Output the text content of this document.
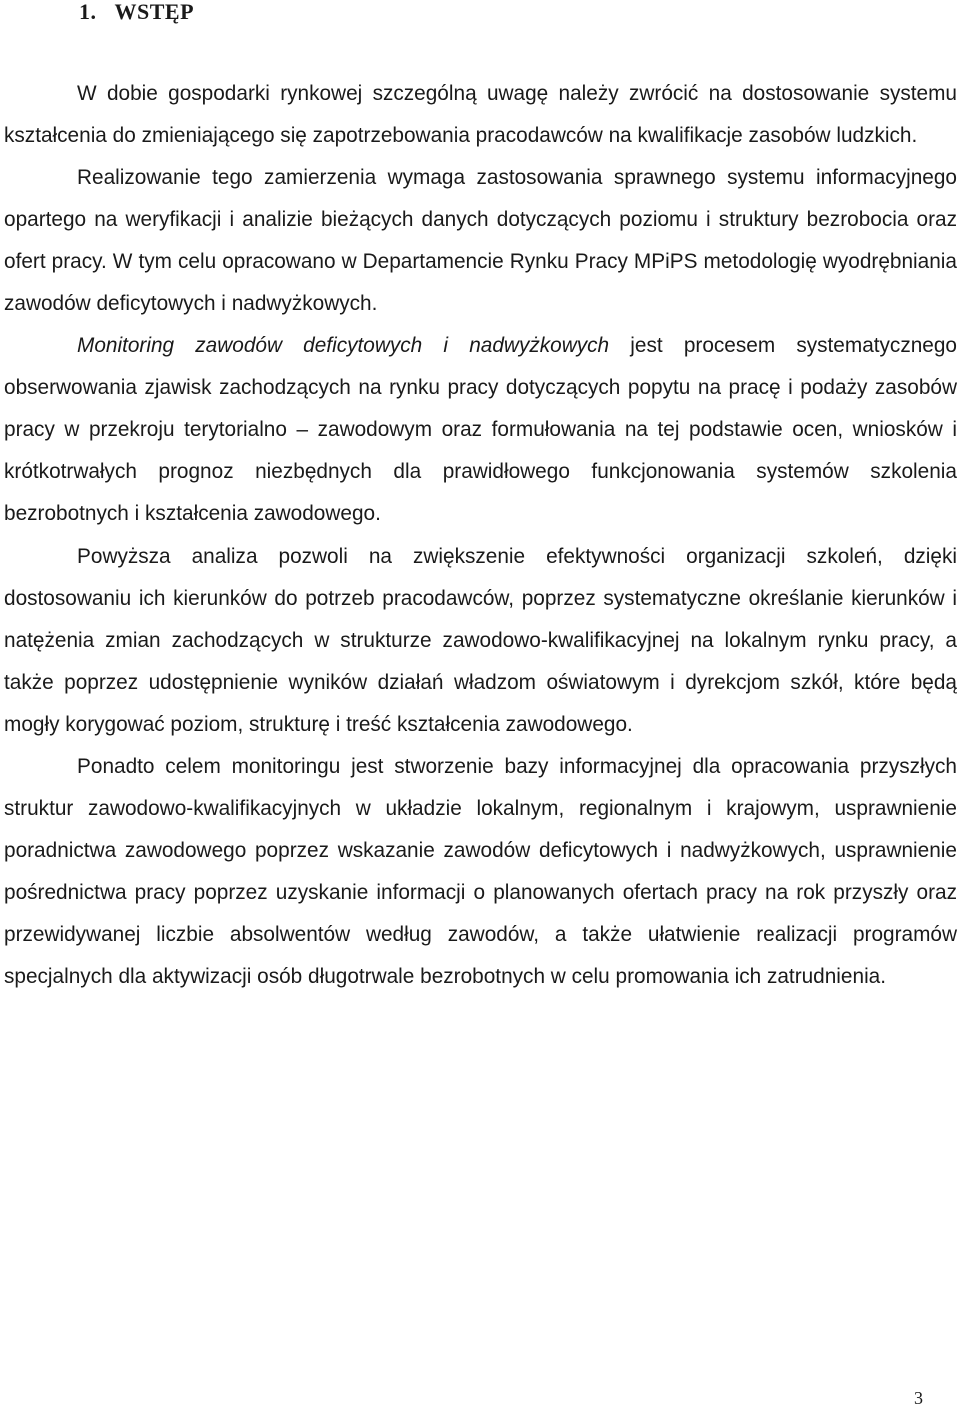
1. WSTĘP

W dobie gospodarki rynkowej szczególną uwagę należy zwrócić na dostosowanie systemu kształcenia do zmieniającego się zapotrzebowania pracodawców na kwalifikacje zasobów ludzkich.

Realizowanie tego zamierzenia wymaga zastosowania sprawnego systemu informacyjnego opartego na weryfikacji i analizie bieżących danych dotyczących poziomu i struktury bezrobocia oraz ofert pracy. W tym celu opracowano w Departamencie Rynku Pracy MPiPS metodologię wyodrębniania zawodów deficytowych i nadwyżkowych.

Monitoring zawodów deficytowych i nadwyżkowych jest procesem systematycznego obserwowania zjawisk zachodzących na rynku pracy dotyczących popytu na pracę i podaży zasobów pracy w przekroju terytorialno – zawodowym oraz formułowania na tej podstawie ocen, wniosków i krótkotrwałych prognoz niezbędnych dla prawidłowego funkcjonowania systemów szkolenia bezrobotnych i kształcenia zawodowego.

Powyższa analiza pozwoli na zwiększenie efektywności organizacji szkoleń, dzięki dostosowaniu ich kierunków do potrzeb pracodawców, poprzez systematyczne określanie kierunków i natężenia zmian zachodzących w strukturze zawodowo-kwalifikacyjnej na lokalnym rynku pracy, a także poprzez udostępnienie wyników działań władzom oświatowym i dyrekcjom szkół, które będą mogły korygować poziom, strukturę i treść kształcenia zawodowego.

Ponadto celem monitoringu jest stworzenie bazy informacyjnej dla opracowania przyszłych struktur zawodowo-kwalifikacyjnych w układzie lokalnym, regionalnym i krajowym, usprawnienie poradnictwa zawodowego poprzez wskazanie zawodów deficytowych i nadwyżkowych, usprawnienie pośrednictwa pracy poprzez uzyskanie informacji o planowanych ofertach pracy na rok przyszły oraz przewidywanej liczbie absolwentów według zawodów, a także ułatwienie realizacji programów specjalnych dla aktywizacji osób długotrwale bezrobotnych w celu promowania ich zatrudnienia.

3
